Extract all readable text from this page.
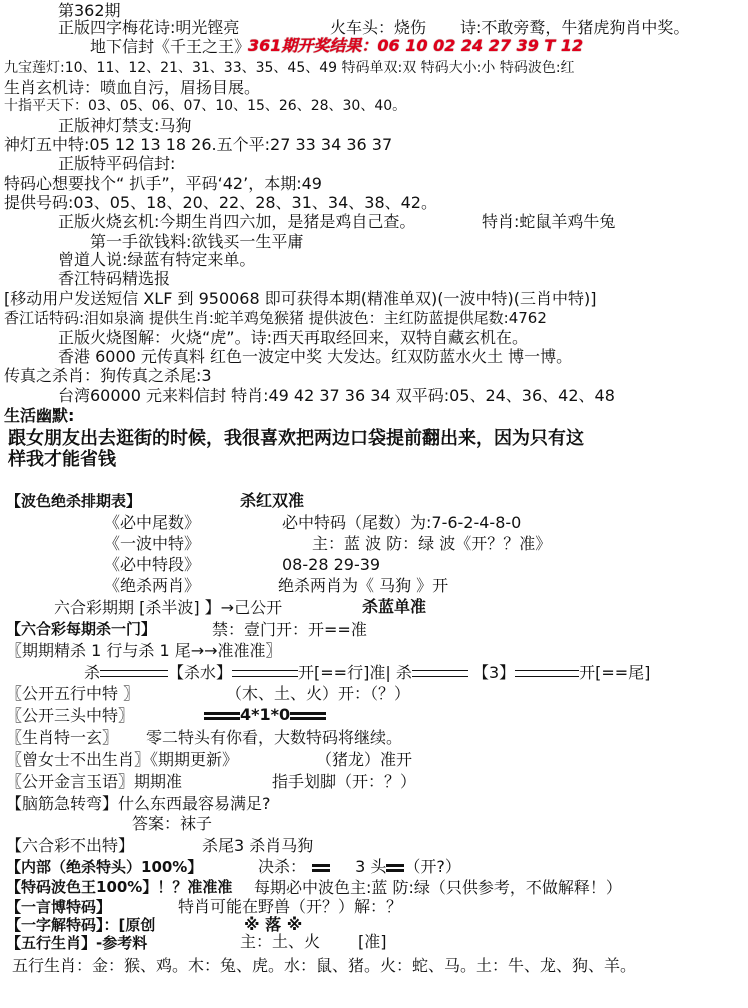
第362期
正版四字梅花诗:明光铿亮	火车头：烧伤 诗:不敢旁鹜，牛猪虎狗肖中奖。
地下信封《千王之王》
361期开奖结果：06 10 02 24 27 39 T 12
九宝莲灯:10、11、12、21、31、33、35、45、49 特码单双:双 特码大小:小 特码波色:红
生肖玄机诗：喷血自污，眉扬目展。
十指平天下：03、05、06、07、10、15、26、28、30、40。
正版神灯禁支:马狗
神灯五中特:05 12 13 18 26.五个平:27 33 34 36 37
正版特平码信封:
特码心想要找个“ 扒手”，平码‘42’，本期:49
提供号码:03、05、18、20、22、28、31、34、38、42。
正版火烧玄机:今期生肖四六加，是猪是鸡自己查。	特肖:蛇鼠羊鸡牛兔
第一手欲钱料:欲钱买一生平庸
曾道人说:绿蓝有特定来单。
香江特码精选报
[移动用户发送短信 XLF 到 950068 即可获得本期(精准单双)(一波中特)(三肖中特)]
香江话特码:泪如泉滴 提供生肖:蛇羊鸡兔猴猪 提供波色：主红防蓝提供尾数:4762
正版火烧图解：火烧“虎”。诗:西天再取经回来，双特自藏玄机在。
香港 6000 元传真料 红色一波定中奖 大发达。红双防蓝水火土 博一博。
传真之杀肖：狗传真之杀尾:3
台湾60000 元来料信封 特肖:49 42 37 36 34 双平码:05、24、36、42、48
生活幽默:
跟女朋友出去逛街的时候，我很喜欢把两边口袋提前翻出来，因为只有这
样我才能省钱
【波色绝杀排期表】	杀红双准
《必中尾数》	必中特码（尾数）为:7-6-2-4-8-0
《一波中特》	主：蓝 波 防：绿 波《开？？准》
《必中特段》	08-28 29-39
《绝杀两肖》	绝杀两肖为《 马狗 》开
六合彩期期 [杀半波] 】→己公开	杀蓝单准
【六合彩每期杀一门】	禁：壹门开：开==准
〖期期精杀 1 行与杀 1 尾→→准准准〗
杀	【杀水】	开[==行]准| 杀	【3】	开[==尾]
〖公开五行中特 〗	（木、土、火）开：（？）
〖公开三头中特〗	4*1*0
〖生肖特一玄〗 零二特头有你看，大数特码将继续。
〖曾女士不出生肖〗《期期更新》	（猪龙）准开
〖公开金言玉语〗期期准	指手划脚（开：？）
【脑筋急转弯】什么东西最容易满足?
答案：袜子
【六合彩不出特】	杀尾3 杀肖马狗
【内部（绝杀特头）100%】	决杀：	3 头 （开?）
【特码波色王100%】！？准准准 每期必中波色主:蓝 防:绿（只供参考，不做解释！）
【一言博特码】	特肖可能在野兽（开？）解：？
【一字解特码】：[原创	※ 落 ※
【五行生肖】-参考料	主：土、火 [准]
五行生肖：金：猴、鸡。木：兔、虎。水：鼠、猪。火：蛇、马。土：牛、龙、狗、羊。
